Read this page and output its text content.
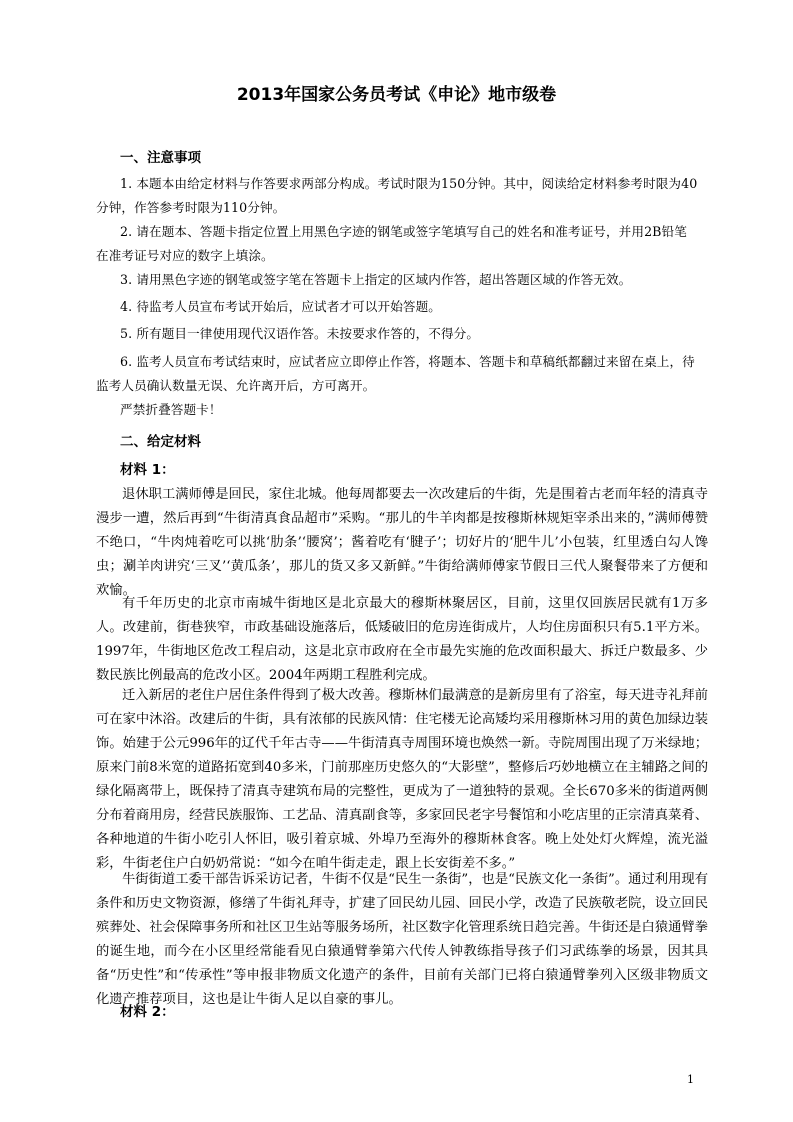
2013年国家公务员考试《申论》地市级卷
一、注意事项

1. 本题本由给定材料与作答要求两部分构成。考试时限为150分钟。其中，阅读给定材料参考时限为40分钟，作答参考时限为110分钟。

2. 请在题本、答题卡指定位置上用黑色字迹的钢笔或签字笔填写自己的姓名和准考证号，并用2B铅笔在准考证号对应的数字上填涂。

3. 请用黑色字迹的钢笔或签字笔在答题卡上指定的区域内作答，超出答题区域的作答无效。

4. 待监考人员宣布考试开始后，应试者才可以开始答题。

5. 所有题目一律使用现代汉语作答。未按要求作答的，不得分。

6. 监考人员宣布考试结束时，应试者应立即停止作答，将题本、答题卡和草稿纸都翻过来留在桌上，待监考人员确认数量无误、允许离开后，方可离开。

严禁折叠答题卡！

二、给定材料
材料 1：

退休职工满师傅是回民，家住北城。他每周都要去一次改建后的牛街，先是围着古老而年轻的清真寺漫步一遭，然后再到“牛街清真食品超市”采购。“那儿的牛羊肉都是按穆斯林规矩宰杀出来的，”满师傅赞不绝口，“牛肉炖着吃可以挑‘肋条’‘腰窝’；酱着吃有‘腱子’；切好片的‘肥牛儿’小包装，红里透白勾人馋虫；涮羊肉讲究‘三叉’‘黄瓜条’，那儿的货又多又新鲜。”牛街给满师傅家节假日三代人聚餐带来了方便和欢愉。

有千年历史的北京市南城牛街地区是北京最大的穆斯林聚居区，目前，这里仅回族居民就有1万多人。改建前，街巷狭窄，市政基础设施落后，低矮破旧的危房连街成片，人均住房面积只有5.1平方米。1997年，牛街地区危改工程启动，这是北京市政府在全市最先实施的危改面积最大、拆迁户数最多、少数民族比例最高的危改小区。2004年两期工程胜利完成。

迁入新居的老住户居住条件得到了极大改善。穆斯林们最满意的是新房里有了浴室，每天进寺礼拜前可在家中沐浴。改建后的牛街，具有浓郁的民族风情：住宅楼无论高矮均采用穆斯林习用的黄色加绿边装饰。始建于公元996年的辽代千年古寺——牛街清真寺周围环境也焕然一新。寺院周围出现了万米绿地；原来门前8米宽的道路拓宽到40多米，门前那座历史悠久的“大影壁”，整修后巧妙地横立在主辅路之间的绿化隔离带上，既保持了清真寺建筑布局的完整性，更成为了一道独特的景观。全长670多米的街道两侧分布着商用房，经营民族服饰、工艺品、清真副食等，多家回民老字号餐馆和小吃店里的正宗清真菜肴、各种地道的牛街小吃引人怀旧，吸引着京城、外埠乃至海外的穆斯林食客。晚上处处灯火辉煌，流光溢彩，牛街老住户白奶奶常说：“如今在咱牛街走走，跟上长安街差不多。”

牛街街道工委干部告诉采访记者，牛街不仅是“民生一条街”，也是“民族文化一条街”。通过利用现有条件和历史文物资源，修缮了牛街礼拜寺，扩建了回民幼儿园、回民小学，改造了民族敬老院，设立回民殡葬处、社会保障事务所和社区卫生站等服务场所，社区数字化管理系统日趋完善。牛街还是白猿通臂拳的诞生地，而今在小区里经常能看见白猿通臂拳第六代传人钟教练指导孩子们习武练拳的场景，因其具备“历史性”和“传承性”等申报非物质文化遗产的条件，目前有关部门已将白猿通臂拳列入区级非物质文化遗产推荐项目，这也是让牛街人足以自豪的事儿。

材料 2：
1
